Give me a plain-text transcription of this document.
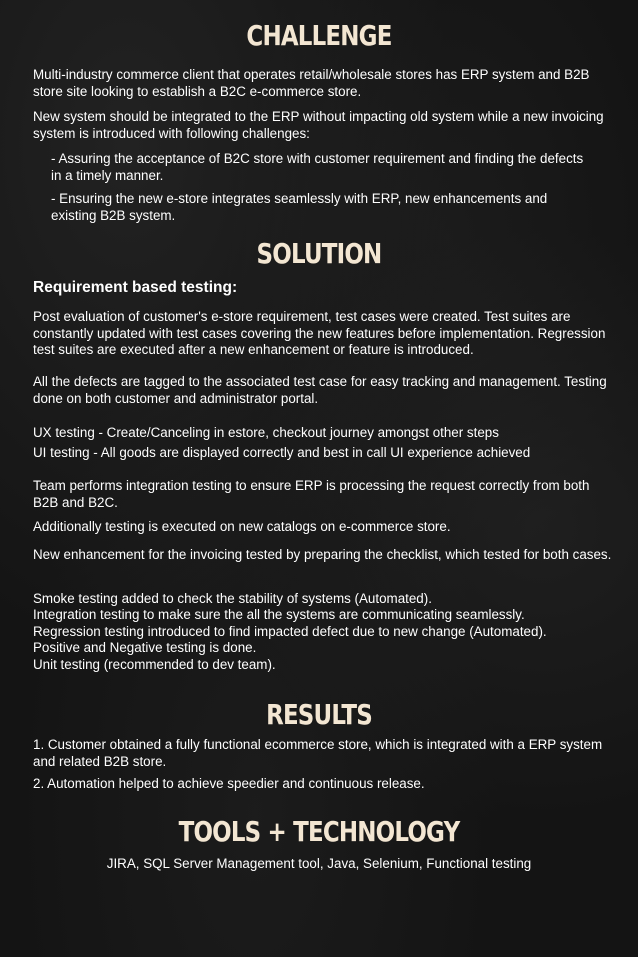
CHALLENGE

Multi-industry commerce client that operates retail/wholesale stores has ERP system and B2B store site looking to establish a B2C e-commerce store.

New system should be integrated to the ERP without impacting old system while a new invoicing system is introduced with following challenges:

- Assuring the acceptance of B2C store with customer requirement and finding the defects in a timely manner.

- Ensuring the new e-store integrates seamlessly with ERP, new enhancements and existing B2B system.

SOLUTION

Requirement based testing:

Post evaluation of customer's e-store requirement, test cases were created. Test suites are constantly updated with test cases covering the new features before implementation. Regression test suites are executed after a new enhancement or feature is introduced.

All the defects are tagged to the associated test case for easy tracking and management. Testing done on both customer and administrator portal.

UX testing - Create/Canceling in estore, checkout journey amongst other steps

UI testing - All goods are displayed correctly and best in call UI experience achieved

Team performs integration testing to ensure ERP is processing the request correctly from both B2B and B2C.

Additionally testing is executed on new catalogs on e-commerce store.

New enhancement for the invoicing tested by preparing the checklist, which tested for both cases.

Smoke testing added to check the stability of systems (Automated).

Integration testing to make sure the all the systems are communicating seamlessly.

Regression testing introduced to find impacted defect due to new change (Automated).

Positive and Negative testing is done.

Unit testing (recommended to dev team).

RESULTS

1. Customer obtained a fully functional ecommerce store, which is integrated with a ERP system and related B2B store.

2. Automation helped to achieve speedier and continuous release.

TOOLS + TECHNOLOGY

JIRA, SQL Server Management tool, Java, Selenium, Functional testing
